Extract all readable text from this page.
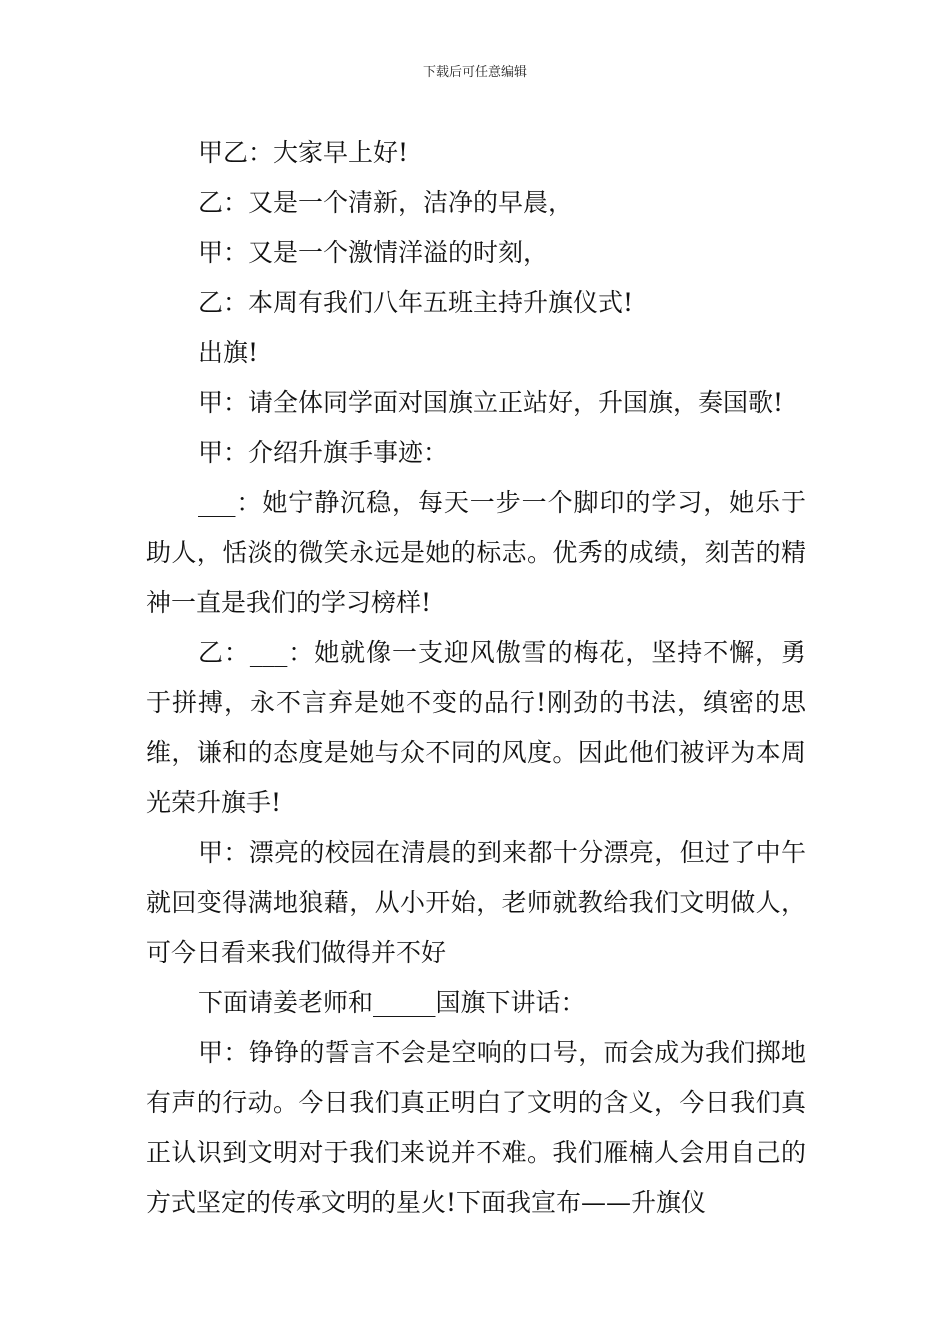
下载后可任意编辑

甲乙：大家早上好!

乙：又是一个清新，洁净的早晨，

甲：又是一个激情洋溢的时刻，

乙：本周有我们八年五班主持升旗仪式!

出旗!

甲：请全体同学面对国旗立正站好，升国旗，奏国歌!

甲：介绍升旗手事迹：

___：她宁静沉稳，每天一步一个脚印的学习，她乐于助人，恬淡的微笑永远是她的标志。优秀的成绩，刻苦的精神一直是我们的学习榜样!

乙：___：她就像一支迎风傲雪的梅花，坚持不懈，勇于拼搏，永不言弃是她不变的品行!刚劲的书法，缜密的思维，谦和的态度是她与众不同的风度。因此他们被评为本周光荣升旗手!

甲：漂亮的校园在清晨的到来都十分漂亮，但过了中午就回变得满地狼藉，从小开始，老师就教给我们文明做人，可今日看来我们做得并不好

下面请姜老师和_____国旗下讲话：

甲：铮铮的誓言不会是空响的口号，而会成为我们掷地有声的行动。今日我们真正明白了文明的含义，今日我们真正认识到文明对于我们来说并不难。我们雁楠人会用自己的方式坚定的传承文明的星火!下面我宣布——升旗仪
